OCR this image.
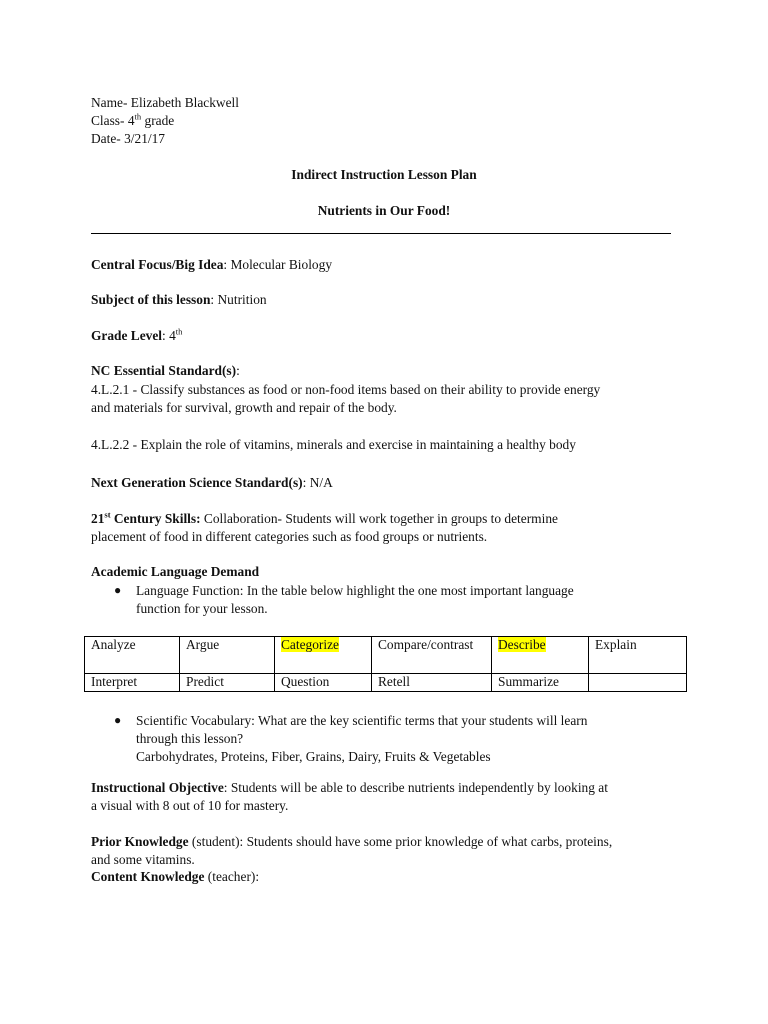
Name- Elizabeth Blackwell
Class- 4th grade
Date- 3/21/17
Indirect Instruction Lesson Plan
Nutrients in Our Food!
Central Focus/Big Idea: Molecular Biology
Subject of this lesson: Nutrition
Grade Level: 4th
NC Essential Standard(s):
4.L.2.1 - Classify substances as food or non-food items based on their ability to provide energy
and materials for survival, growth and repair of the body.
4.L.2.2 - Explain the role of vitamins, minerals and exercise in maintaining a healthy body
Next Generation Science Standard(s): N/A
21st Century Skills: Collaboration- Students will work together in groups to determine
placement of food in different categories such as food groups or nutrients.
Academic Language Demand
● Language Function: In the table below highlight the one most important language
function for your lesson.
Analyze	Argue	Categorize	Compare/contrast	Describe	Explain
Interpret	Predict	Question	Retell	Summarize	
● Scientific Vocabulary: What are the key scientific terms that your students will learn
through this lesson?
Carbohydrates, Proteins, Fiber, Grains, Dairy, Fruits & Vegetables
Instructional Objective: Students will be able to describe nutrients independently by looking at
a visual with 8 out of 10 for mastery.
Prior Knowledge (student): Students should have some prior knowledge of what carbs, proteins,
and some vitamins.
Content Knowledge (teacher):
